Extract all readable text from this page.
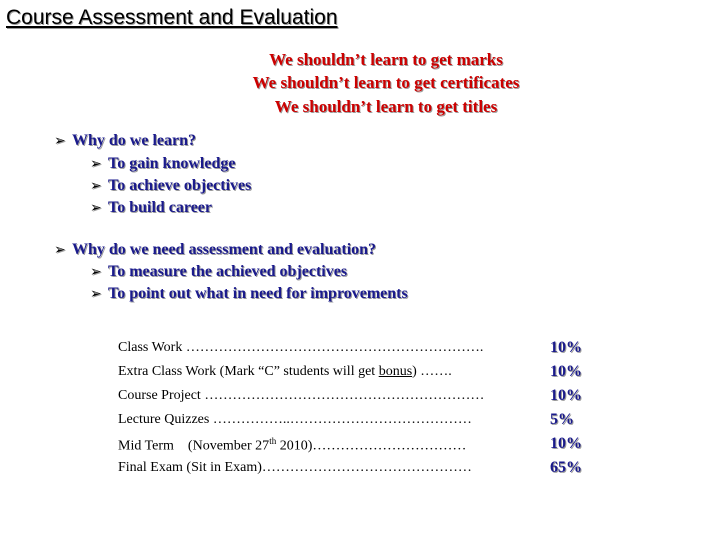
Course Assessment and Evaluation
We shouldn’t learn to get marks
We shouldn’t learn to get certificates
We shouldn’t learn to get titles
➢ Why do we learn?
➢ To gain knowledge
➢ To achieve objectives
➢ To build career
➢ Why do we need assessment and evaluation?
➢ To measure the achieved objectives
➢ To point out what in need for improvements
Class Work ……………………………………………………….	10%
Extra Class Work (Mark “C” students will get bonus) …….	10%
Course Project ……………………………………………………	10%
Lecture Quizzes ……………..…………………………………	5%
Mid Term    (November 27th 2010)……………………………	10%
Final Exam (Sit in Exam)………………………………………	65%
